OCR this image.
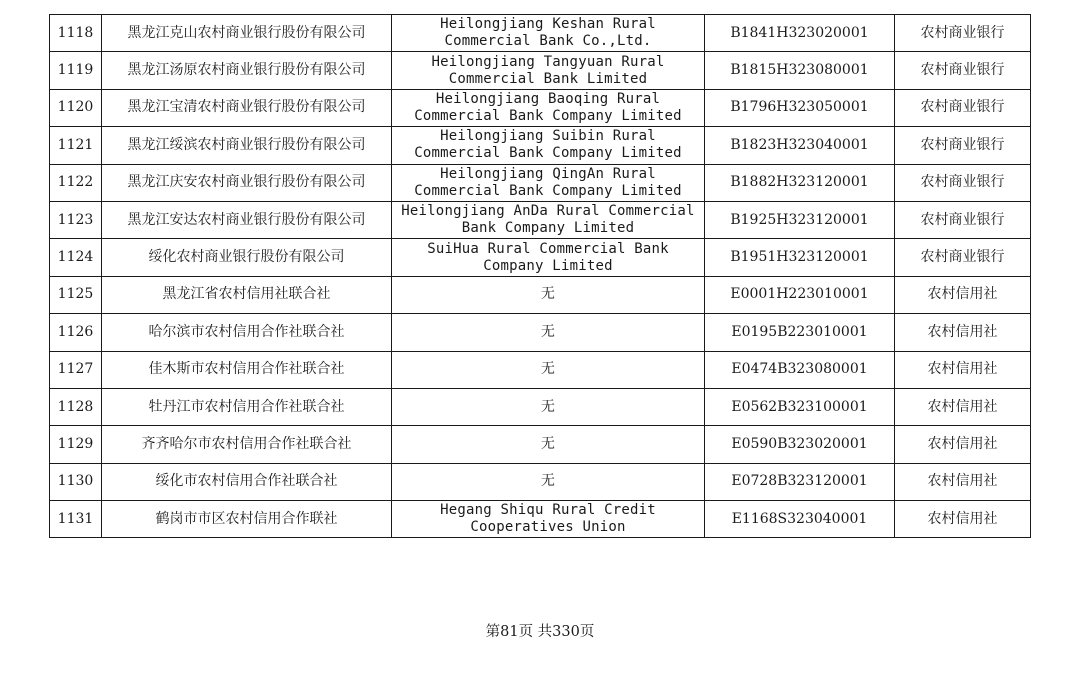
1118	黑龙江克山农村商业银行股份有限公司	Heilongjiang Keshan Rural Commercial Bank Co.,Ltd.	B1841H323020001	农村商业银行
1119	黑龙江汤原农村商业银行股份有限公司	Heilongjiang Tangyuan Rural Commercial Bank Limited	B1815H323080001	农村商业银行
1120	黑龙江宝清农村商业银行股份有限公司	Heilongjiang Baoqing Rural Commercial Bank Company Limited	B1796H323050001	农村商业银行
1121	黑龙江绥滨农村商业银行股份有限公司	Heilongjiang Suibin Rural Commercial Bank Company Limited	B1823H323040001	农村商业银行
1122	黑龙江庆安农村商业银行股份有限公司	Heilongjiang QingAn Rural Commercial Bank Company Limited	B1882H323120001	农村商业银行
1123	黑龙江安达农村商业银行股份有限公司	Heilongjiang AnDa Rural Commercial Bank Company Limited	B1925H323120001	农村商业银行
1124	绥化农村商业银行股份有限公司	SuiHua Rural Commercial Bank Company Limited	B1951H323120001	农村商业银行
1125	黑龙江省农村信用社联合社	无	E0001H223010001	农村信用社
1126	哈尔滨市农村信用合作社联合社	无	E0195B223010001	农村信用社
1127	佳木斯市农村信用合作社联合社	无	E0474B323080001	农村信用社
1128	牡丹江市农村信用合作社联合社	无	E0562B323100001	农村信用社
1129	齐齐哈尔市农村信用合作社联合社	无	E0590B323020001	农村信用社
1130	绥化市农村信用合作社联合社	无	E0728B323120001	农村信用社
1131	鹤岗市市区农村信用合作联社	Hegang Shiqu Rural Credit Cooperatives Union	E1168S323040001	农村信用社
第81页 共330页
